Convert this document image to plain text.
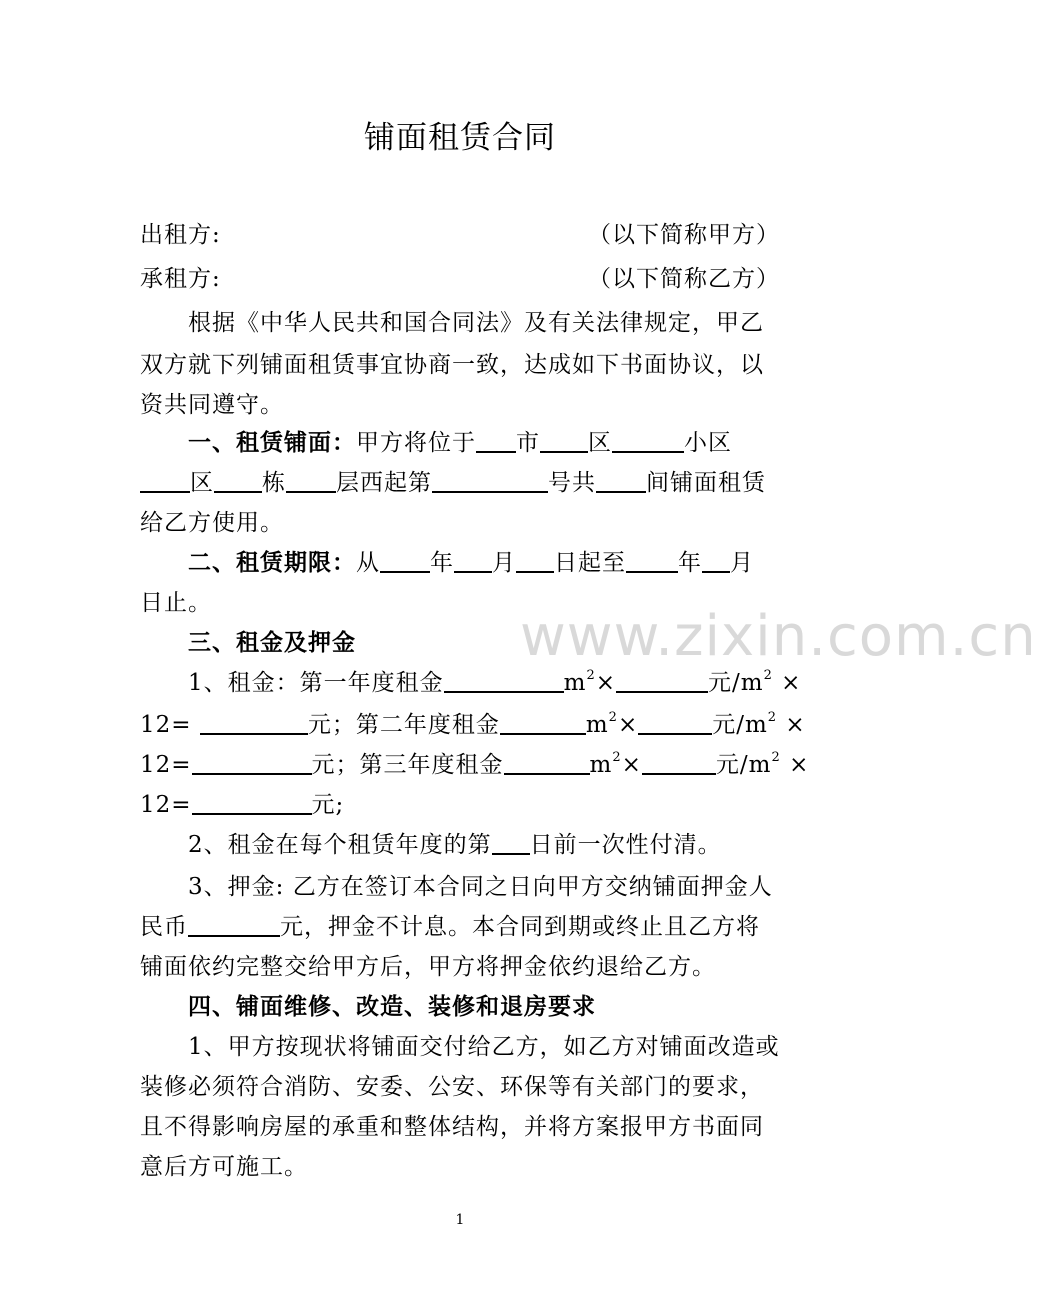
铺面租赁合同
出租方:	（以下简称甲方）
承租方:	（以下简称乙方）
根据《中华人民共和国合同法》及有关法律规定，甲乙
双方就下列铺面租赁事宜协商一致，达成如下书面协议，以
资共同遵守。
一、租赁铺面：甲方将位于 市 区	小区
区 栋 层西起第	号共 间铺面租赁
给乙方使用。
二、租赁期限：从 年 月 日起至 年 月
日止。
三、租金及押金
1、租金：第一年度租金	$m^2\times$	元$/m^2$ ×
12=	元；第二年度租金	$m^2\times$	元$/m^2$ ×
12=	元；第三年度租金	$m^2\times$	元$/m^2$ ×
12=	元;
2、租金在每个租赁年度的第 日前一次性付清。
3、押金: 乙方在签订本合同之日向甲方交纳铺面押金人
民币	元，押金不计息。本合同到期或终止且乙方将
铺面依约完整交给甲方后，甲方将押金依约退给乙方。
四、铺面维修、改造、装修和退房要求
1、甲方按现状将铺面交付给乙方，如乙方对铺面改造或
装修必须符合消防、安委、公安、环保等有关部门的要求，
且不得影响房屋的承重和整体结构，并将方案报甲方书面同
意后方可施工。
www.zixin.com.cn
1
